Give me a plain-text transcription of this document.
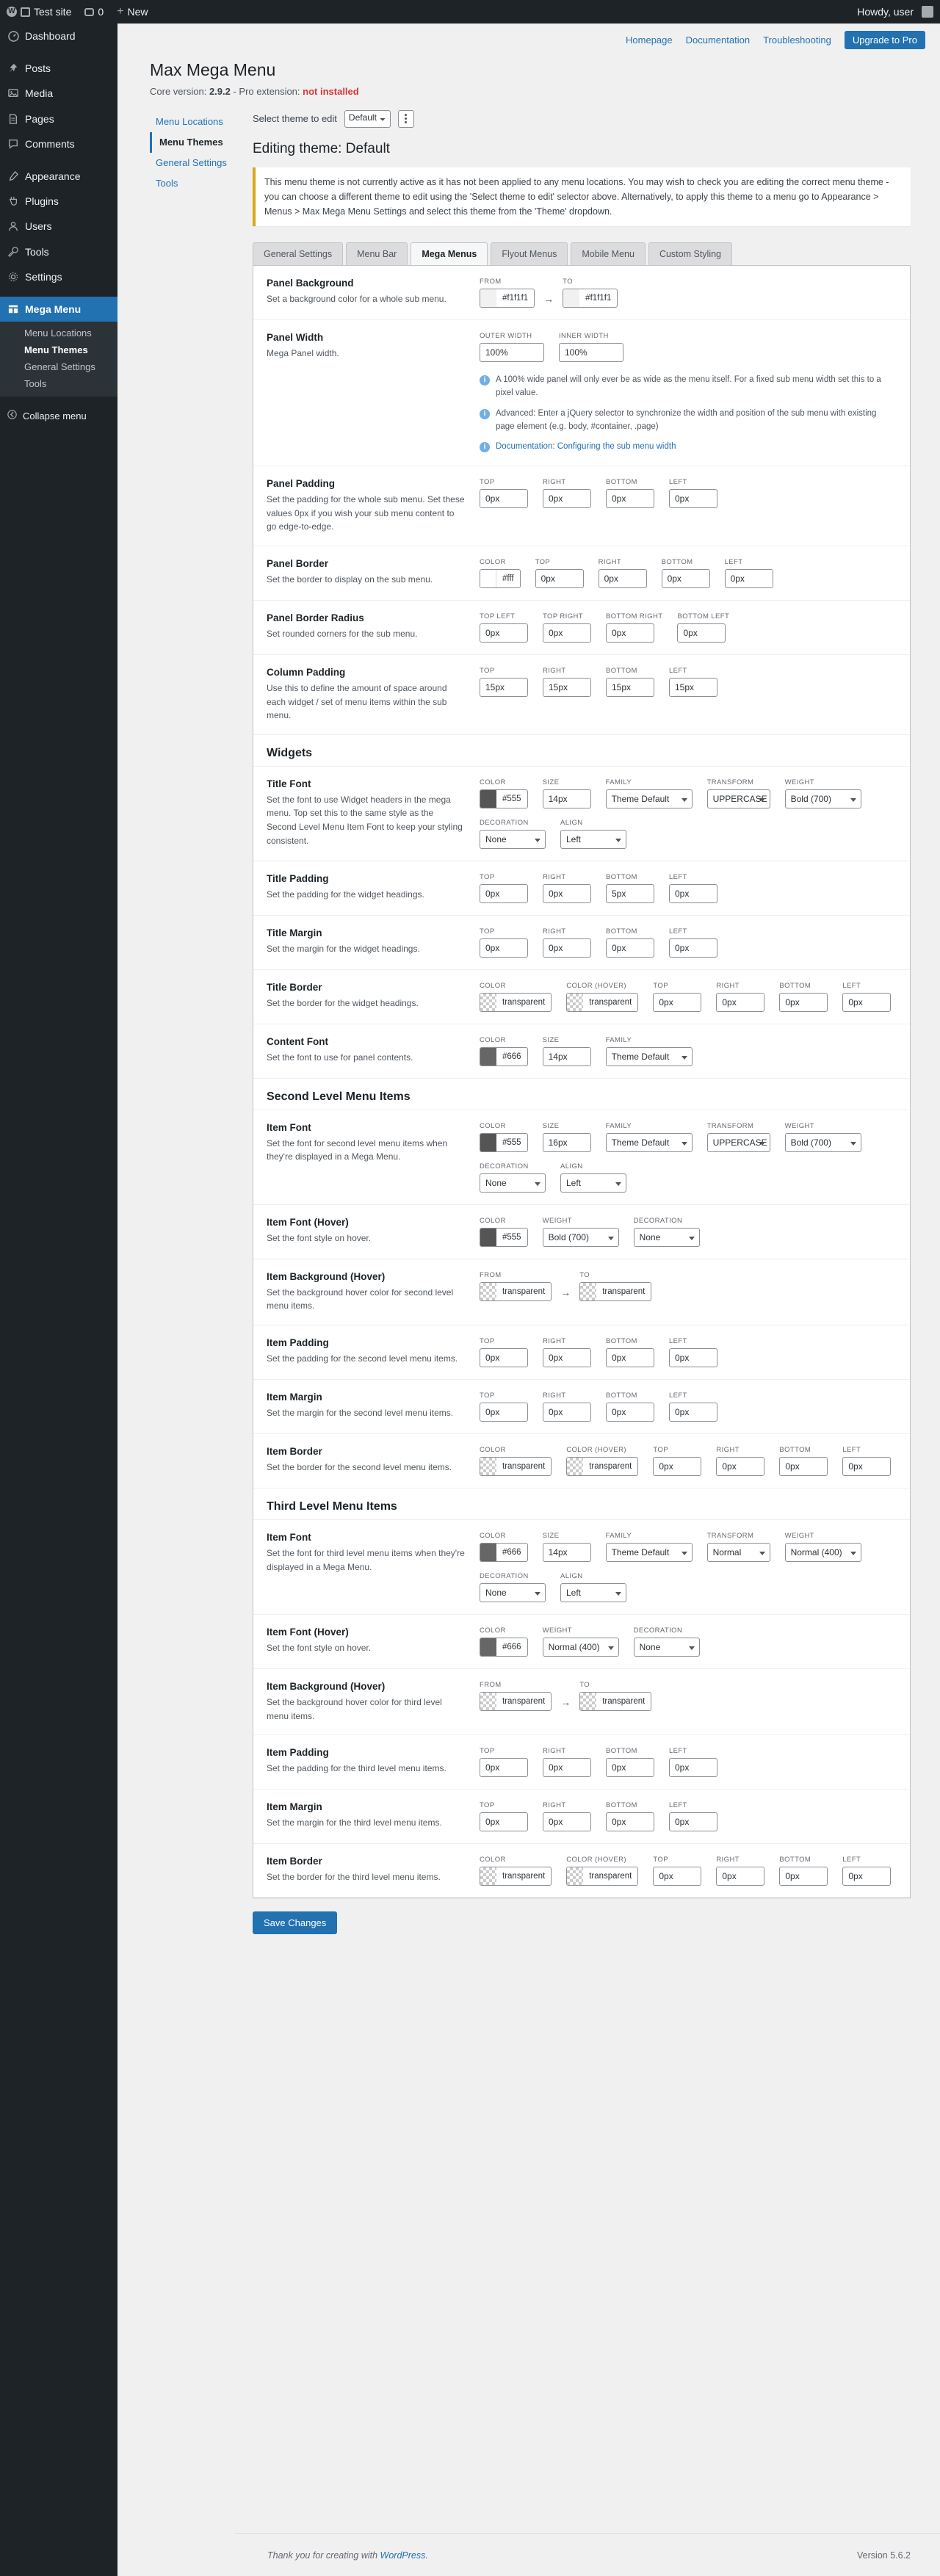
W
Test site	0 + New	Howdy, user
Dashboard
Posts
Media
Pages
Comments
Appearance
Plugins
Users
Tools
Settings
Mega Menu
Menu Locations
Menu Themes
General Settings
Tools
Collapse menu
Homepage Documentation Troubleshooting	Upgrade to Pro
Max Mega Menu
Core version: 2.9.2 - Pro extension: not installed
Menu Locations
Menu Themes
General Settings
Tools
Select theme to edit	Default
Editing theme: Default
This menu theme is not currently active as it has not been applied to any menu locations. You may wish to check you are editing the correct menu theme - you can choose a different theme to edit using the 'Select theme to edit' selector above. Alternatively, to apply this theme to a menu go to Appearance > Menus > Max Mega Menu Settings and select this theme from the 'Theme' dropdown.
General Settings	Menu Bar	Mega Menus	Flyout Menus	Mobile Menu	Custom Styling
Panel Background
Set a background color for a whole sub menu.
FROM
#f1f1f1	→
TO
#f1f1f1
Panel Width
Mega Panel width.
OUTER WIDTH
100%
INNER WIDTH
100%
i	A 100% wide panel will only ever be as wide as the menu itself. For a fixed sub menu width set this to a pixel value.
i	Advanced: Enter a jQuery selector to synchronize the width and position of the sub menu with existing page element (e.g. body, #container, .page)
i	Documentation: Configuring the sub menu width
Panel Padding
Set the padding for the whole sub menu. Set these values 0px if you wish your sub menu content to go edge-to-edge.
TOP
0px
RIGHT
0px
BOTTOM
0px
LEFT
0px
Panel Border
Set the border to display on the sub menu.
COLOR
#fff
TOP
0px
RIGHT
0px
BOTTOM
0px
LEFT
0px
Panel Border Radius
Set rounded corners for the sub menu.
TOP LEFT
0px
TOP RIGHT
0px
BOTTOM RIGHT
0px
BOTTOM LEFT
0px
Column Padding
Use this to define the amount of space around each widget / set of menu items within the sub menu.
TOP
15px
RIGHT
15px
BOTTOM
15px
LEFT
15px
Widgets
Title Font
Set the font to use Widget headers in the mega menu. Top set this to the same style as the Second Level Menu Item Font to keep your styling consistent.
COLOR
#555
SIZE
14px
FAMILY
Theme Default
TRANSFORM
UPPERCASE
WEIGHT
Bold (700)
DECORATION
None
ALIGN
Left
Title Padding
Set the padding for the widget headings.
TOP
0px
RIGHT
0px
BOTTOM
5px
LEFT
0px
Title Margin
Set the margin for the widget headings.
TOP
0px
RIGHT
0px
BOTTOM
0px
LEFT
0px
Title Border
Set the border for the widget headings.
COLOR
transparent
COLOR (HOVER)
transparent
TOP
0px
RIGHT
0px
BOTTOM
0px
LEFT
0px
Content Font
Set the font to use for panel contents.
COLOR
#666
SIZE
14px
FAMILY
Theme Default
Second Level Menu Items
Item Font
Set the font for second level menu items when they're displayed in a Mega Menu.
COLOR
#555
SIZE
16px
FAMILY
Theme Default
TRANSFORM
UPPERCASE
WEIGHT
Bold (700)
DECORATION
None
ALIGN
Left
Item Font (Hover)
Set the font style on hover.
COLOR
#555
WEIGHT
Bold (700)
DECORATION
None
Item Background (Hover)
Set the background hover color for second level menu items.
FROM
transparent	→
TO
transparent
Item Padding
Set the padding for the second level menu items.
TOP
0px
RIGHT
0px
BOTTOM
0px
LEFT
0px
Item Margin
Set the margin for the second level menu items.
TOP
0px
RIGHT
0px
BOTTOM
0px
LEFT
0px
Item Border
Set the border for the second level menu items.
COLOR
transparent
COLOR (HOVER)
transparent
TOP
0px
RIGHT
0px
BOTTOM
0px
LEFT
0px
Third Level Menu Items
Item Font
Set the font for third level menu items when they're displayed in a Mega Menu.
COLOR
#666
SIZE
14px
FAMILY
Theme Default
TRANSFORM
Normal
WEIGHT
Normal (400)
DECORATION
None
ALIGN
Left
Item Font (Hover)
Set the font style on hover.
COLOR
#666
WEIGHT
Normal (400)
DECORATION
None
Item Background (Hover)
Set the background hover color for third level menu items.
FROM
transparent	→
TO
transparent
Item Padding
Set the padding for the third level menu items.
TOP
0px
RIGHT
0px
BOTTOM
0px
LEFT
0px
Item Margin
Set the margin for the third level menu items.
TOP
0px
RIGHT
0px
BOTTOM
0px
LEFT
0px
Item Border
Set the border for the third level menu items.
COLOR
transparent
COLOR (HOVER)
transparent
TOP
0px
RIGHT
0px
BOTTOM
0px
LEFT
0px
Save Changes
Thank you for creating with WordPress.	Version 5.6.2
